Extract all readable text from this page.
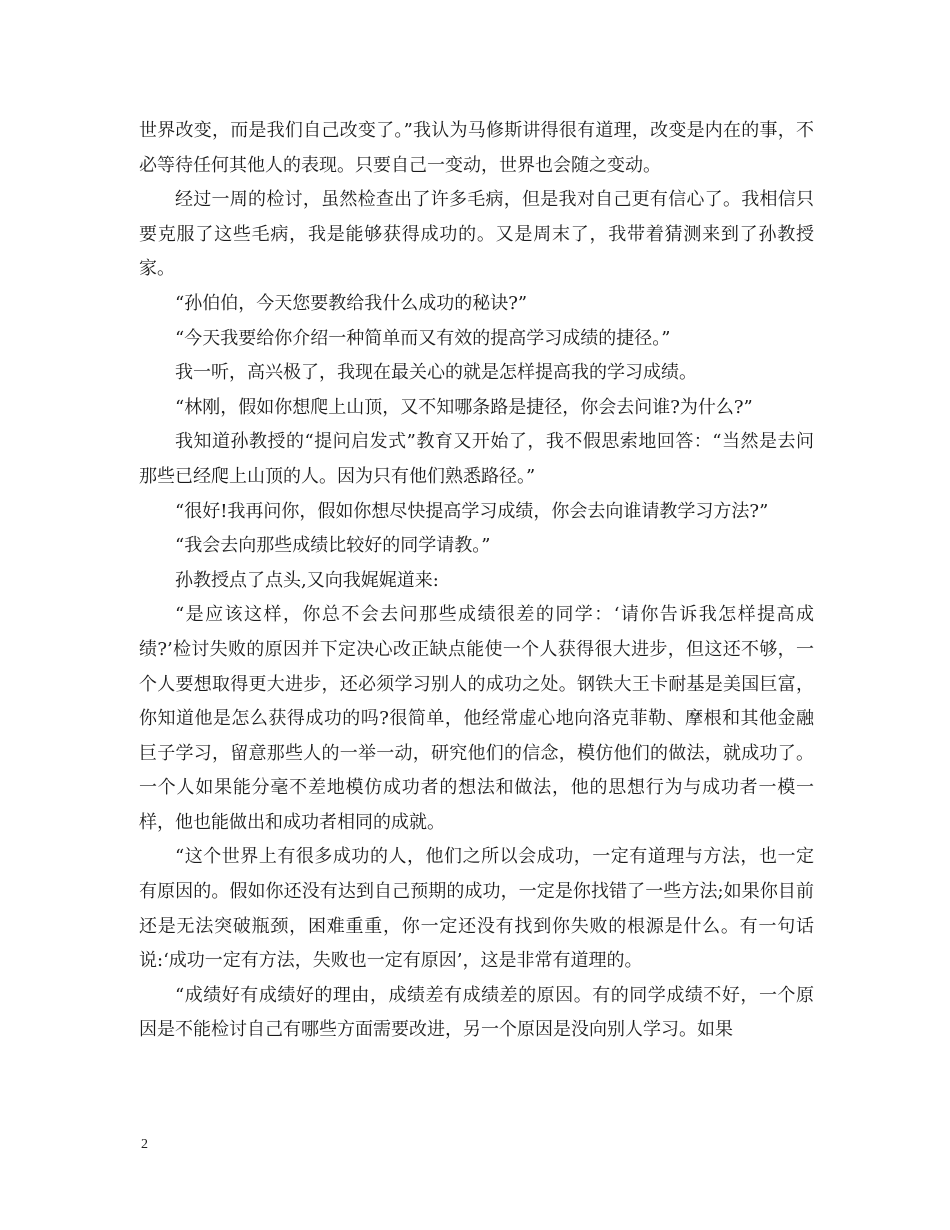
世界改变，而是我们自己改变了。”我认为马修斯讲得很有道理，改变是内在的事，不必等待任何其他人的表现。只要自己一变动，世界也会随之变动。

经过一周的检讨，虽然检查出了许多毛病，但是我对自己更有信心了。我相信只要克服了这些毛病，我是能够获得成功的。又是周末了，我带着猜测来到了孙教授家。

“孙伯伯，今天您要教给我什么成功的秘诀?”

“今天我要给你介绍一种简单而又有效的提高学习成绩的捷径。”

我一听，高兴极了，我现在最关心的就是怎样提高我的学习成绩。

“林刚，假如你想爬上山顶，又不知哪条路是捷径，你会去问谁?为什么?”

我知道孙教授的“提问启发式”教育又开始了，我不假思索地回答：“当然是去问那些已经爬上山顶的人。因为只有他们熟悉路径。”

“很好!我再问你，假如你想尽快提高学习成绩，你会去向谁请教学习方法?”

“我会去向那些成绩比较好的同学请教。”

孙教授点了点头,又向我娓娓道来:

“是应该这样，你总不会去问那些成绩很差的同学：‘请你告诉我怎样提高成绩?’检讨失败的原因并下定决心改正缺点能使一个人获得很大进步，但这还不够，一个人要想取得更大进步，还必须学习别人的成功之处。钢铁大王卡耐基是美国巨富，你知道他是怎么获得成功的吗?很简单，他经常虚心地向洛克菲勒、摩根和其他金融巨子学习，留意那些人的一举一动，研究他们的信念，模仿他们的做法，就成功了。一个人如果能分毫不差地模仿成功者的想法和做法，他的思想行为与成功者一模一样，他也能做出和成功者相同的成就。

“这个世界上有很多成功的人，他们之所以会成功，一定有道理与方法，也一定有原因的。假如你还没有达到自己预期的成功，一定是你找错了一些方法;如果你目前还是无法突破瓶颈，困难重重，你一定还没有找到你失败的根源是什么。有一句话说:‘成功一定有方法，失败也一定有原因’，这是非常有道理的。

“成绩好有成绩好的理由，成绩差有成绩差的原因。有的同学成绩不好，一个原因是不能检讨自己有哪些方面需要改进，另一个原因是没向别人学习。如果

2
